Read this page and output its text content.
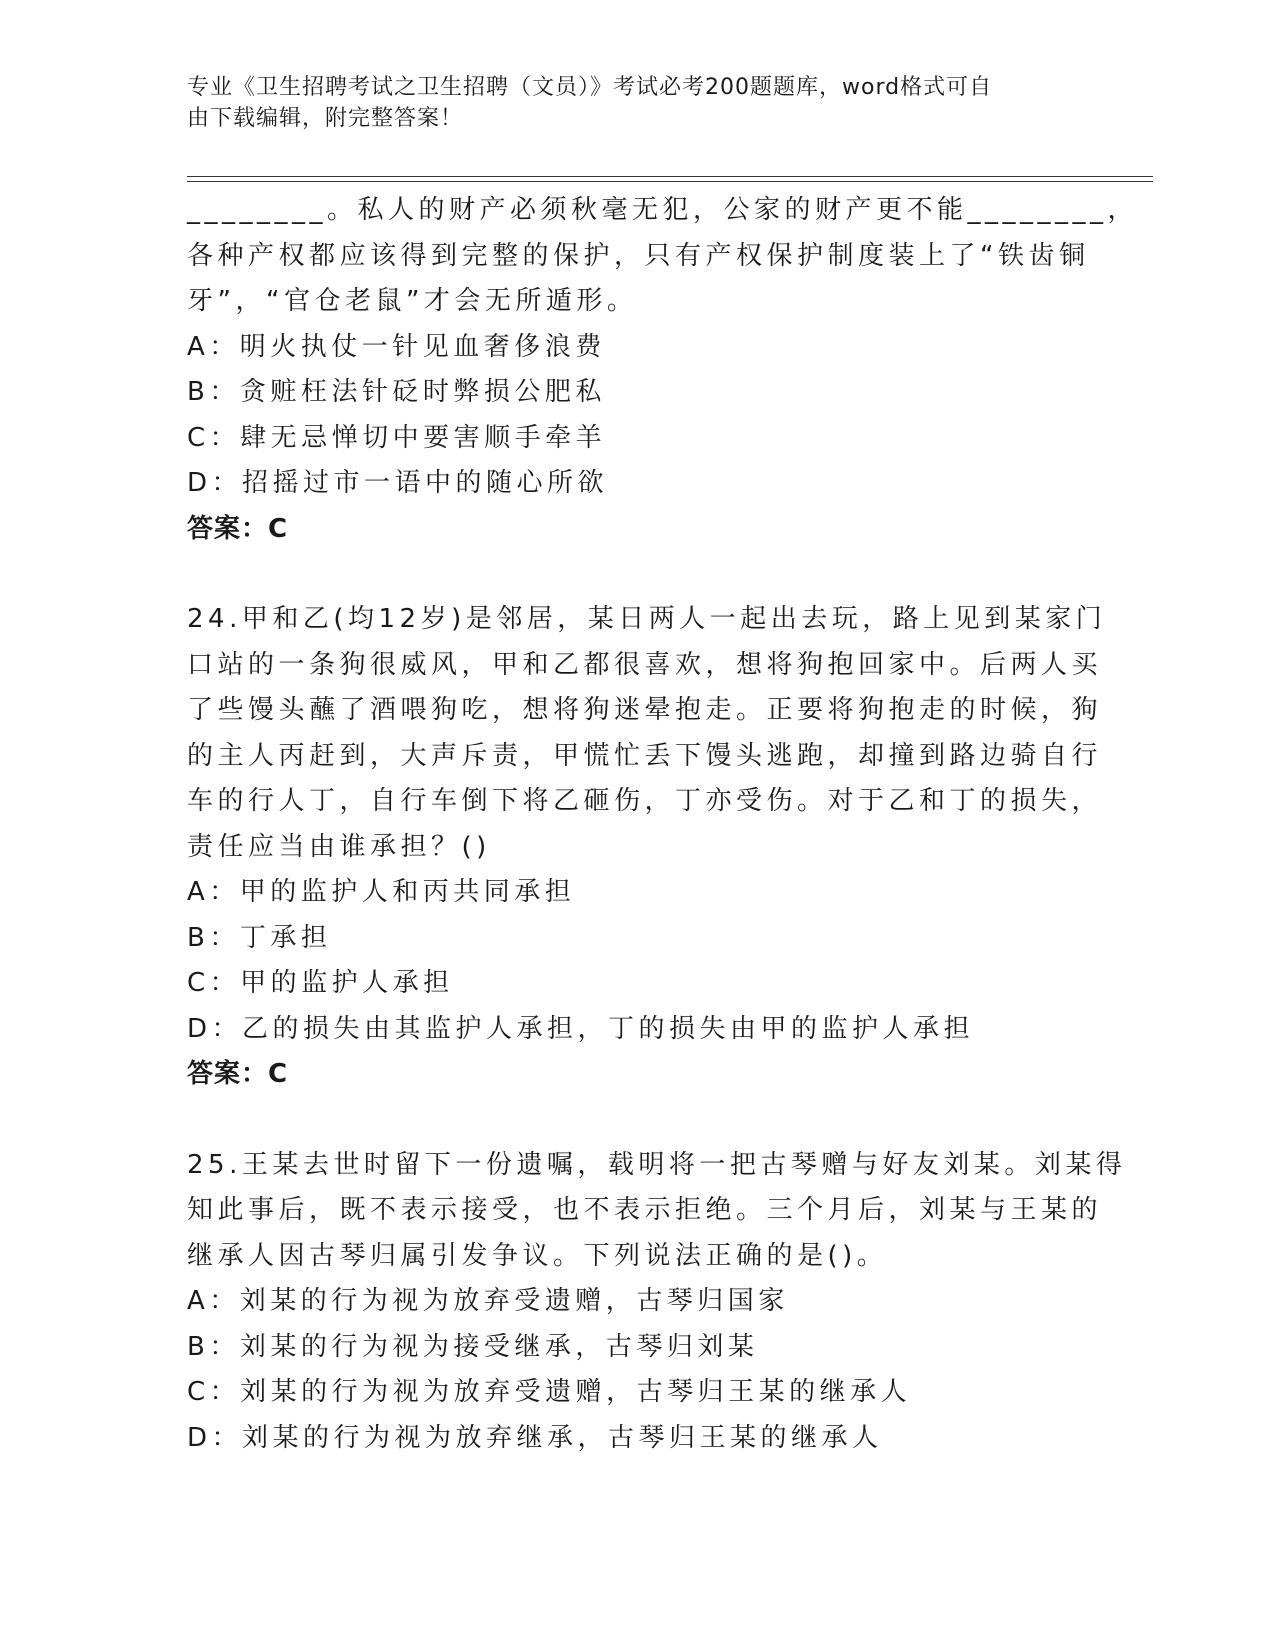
专业《卫生招聘考试之卫生招聘（文员）》考试必考200题题库，word格式可自
由下载编辑，附完整答案！
________。私人的财产必须秋毫无犯，公家的财产更不能________，
各种产权都应该得到完整的保护，只有产权保护制度装上了“铁齿铜
牙”，“官仓老鼠”才会无所遁形。
A：明火执仗一针见血奢侈浪费
B：贪赃枉法针砭时弊损公肥私
C：肆无忌惮切中要害顺手牵羊
D：招摇过市一语中的随心所欲
答案：C
24.甲和乙(均12岁)是邻居，某日两人一起出去玩，路上见到某家门
口站的一条狗很威风，甲和乙都很喜欢，想将狗抱回家中。后两人买
了些馒头蘸了酒喂狗吃，想将狗迷晕抱走。正要将狗抱走的时候，狗
的主人丙赶到，大声斥责，甲慌忙丢下馒头逃跑，却撞到路边骑自行
车的行人丁，自行车倒下将乙砸伤，丁亦受伤。对于乙和丁的损失，
责任应当由谁承担？()
A：甲的监护人和丙共同承担
B：丁承担
C：甲的监护人承担
D：乙的损失由其监护人承担，丁的损失由甲的监护人承担
答案：C
25.王某去世时留下一份遗嘱，载明将一把古琴赠与好友刘某。刘某得
知此事后，既不表示接受，也不表示拒绝。三个月后，刘某与王某的
继承人因古琴归属引发争议。下列说法正确的是()。
A：刘某的行为视为放弃受遗赠，古琴归国家
B：刘某的行为视为接受继承，古琴归刘某
C：刘某的行为视为放弃受遗赠，古琴归王某的继承人
D：刘某的行为视为放弃继承，古琴归王某的继承人
